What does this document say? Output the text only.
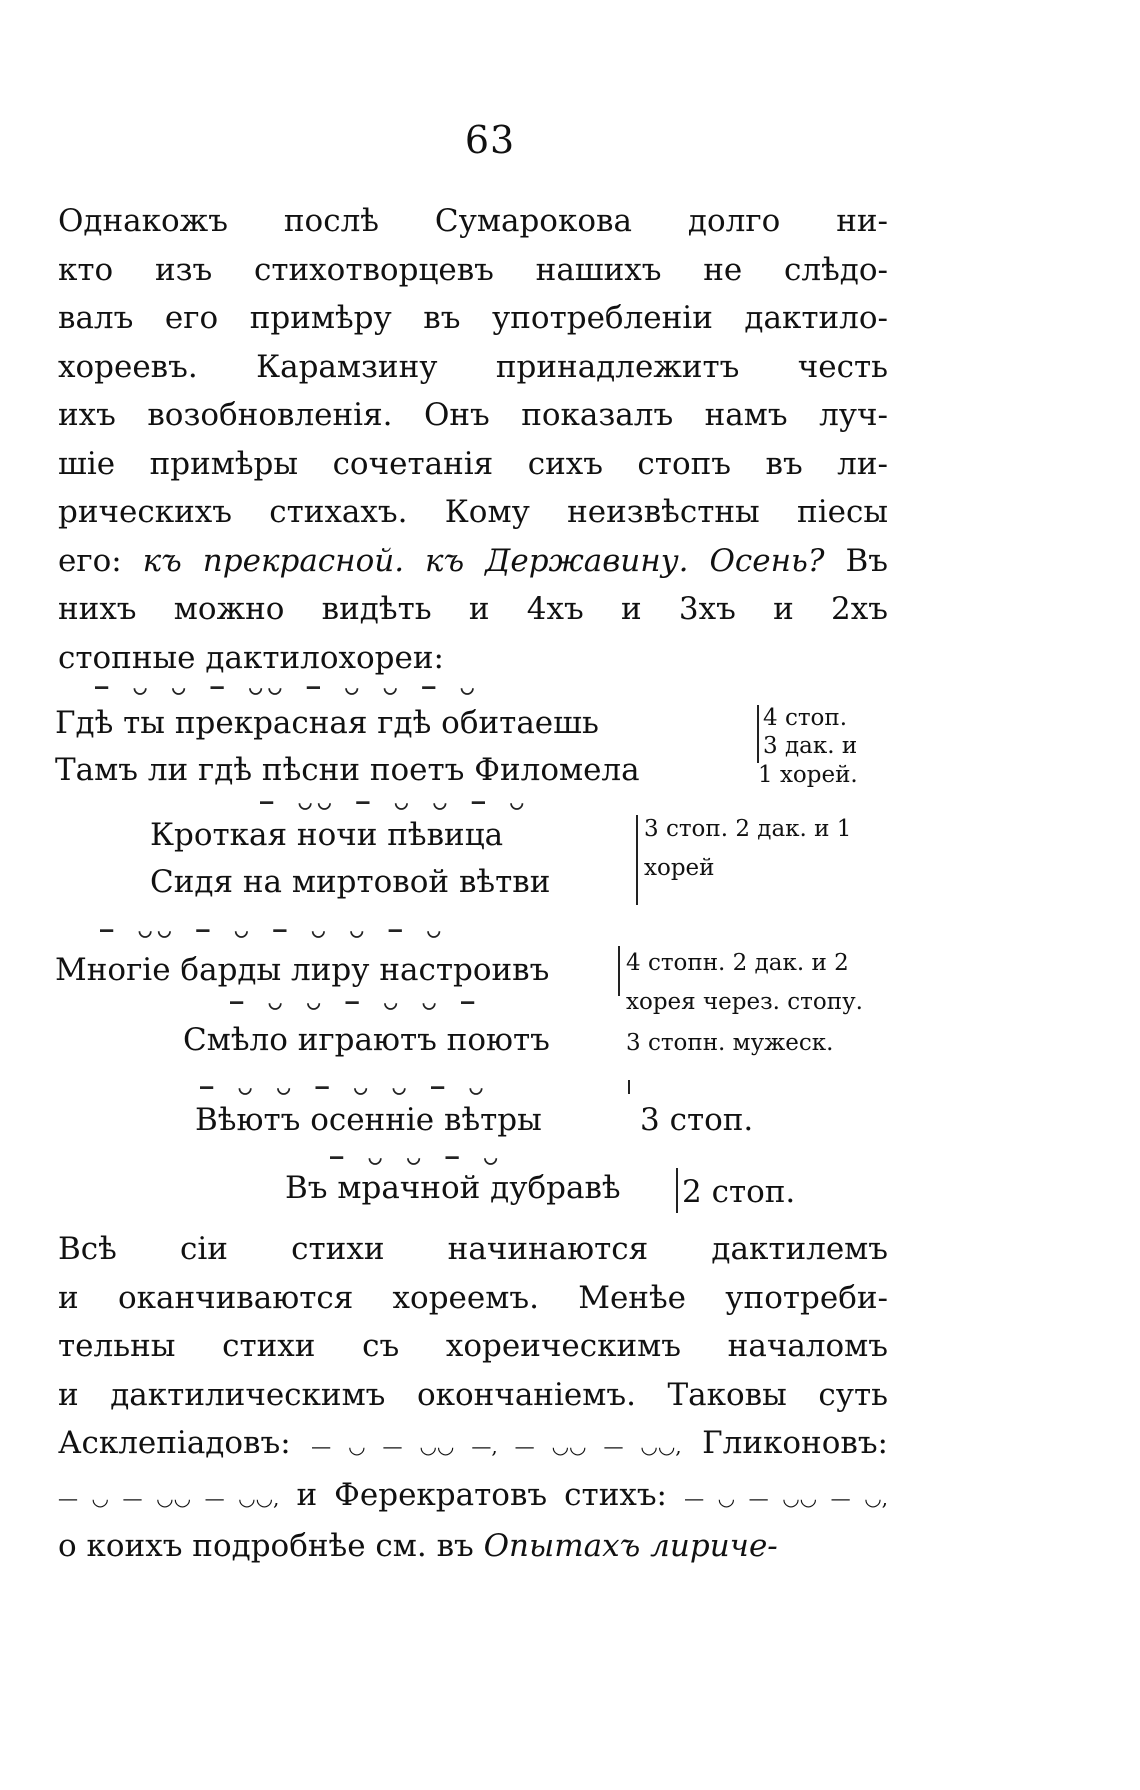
63
Однакожъ послѣ Сумарокова долго ни-
кто изъ стихотворцевъ нашихъ не слѣдо-
валъ его примѣру въ употребленіи дактило-
хореевъ. Карамзину принадлежитъ честь
ихъ возобновленія. Онъ показалъ намъ луч-
шіе примѣры сочетанія сихъ стопъ въ ли-
рическихъ стихахъ. Кому неизвѣстны піесы
его: къ прекрасной. къ Державину. Осень? Въ
нихъ можно видѣть и 4хъ и 3хъ и 2хъ
стопные дактилохореи:
— ◡ ◡ — ◡◡ — ◡ ◡ — ◡
Гдѣ ты прекрасная гдѣ обитаешь
Тамъ ли гдѣ пѣсни поетъ Филомела
4 стоп.
3 дак. и
1 хорей.
— ◡◡ — ◡ ◡ — ◡
Кроткая ночи пѣвица
Сидя на миртовой вѣтви
3 стоп. 2 дак. и 1
хорей
— ◡◡ — ◡ — ◡ ◡ — ◡
Многіе барды лиру настроивъ	4 стопн. 2 дак. и 2
хорея через. стопу.
— ◡ ◡ — ◡ ◡ —
Смѣло играютъ поютъ	3 стопн. мужеск.
— ◡ ◡ — ◡ ◡ — ◡
Вѣютъ осенніе вѣтры	3 стоп.
— ◡ ◡ — ◡
Въ мрачной дубравѣ 2 стоп.
Всѣ сіи стихи начинаются дактилемъ
и оканчиваются хореемъ. Менѣе употреби-
тельны стихи съ хореическимъ началомъ
и дактилическимъ окончаніемъ. Таковы суть
Асклепіадовъ: — ◡ — ◡◡ —, — ◡◡ — ◡◡, Гликоновъ:
— ◡ — ◡◡ — ◡◡, и Ферекратовъ стихъ: — ◡ — ◡◡ — ◡,
о коихъ подробнѣе см. въ Опытахъ лириче-
